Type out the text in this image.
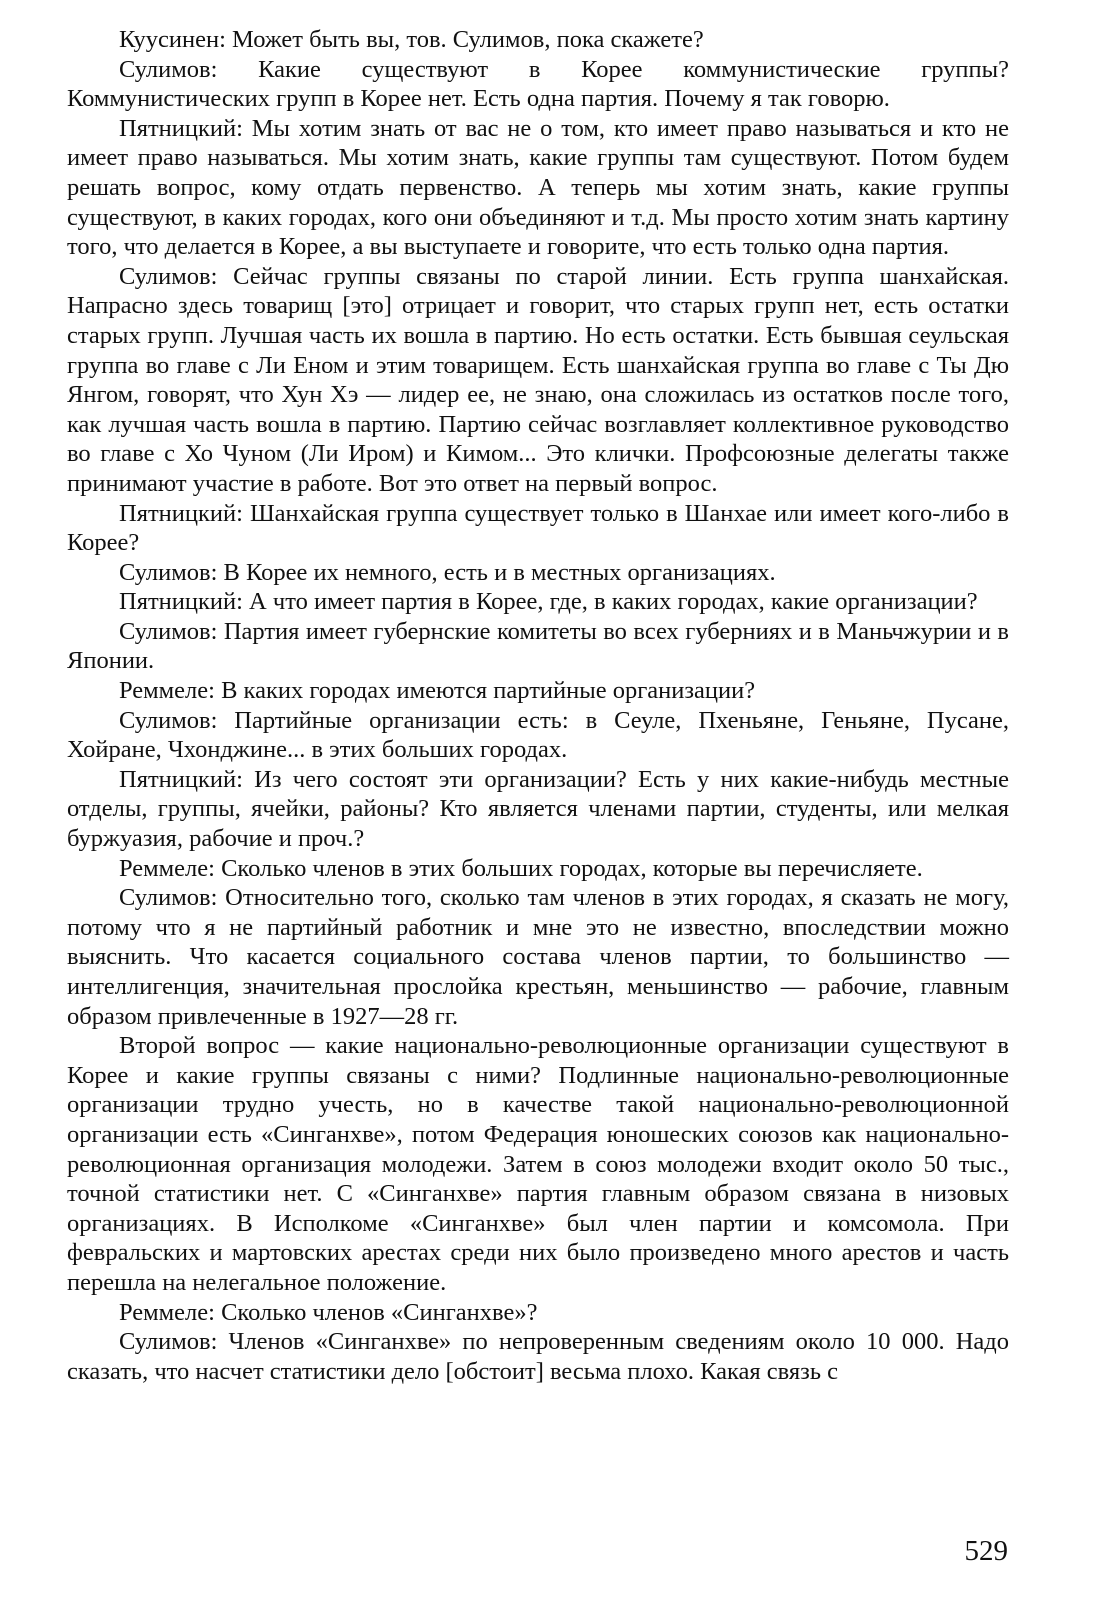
Куусинен: Может быть вы, тов. Сулимов, пока скажете?

Сулимов: Какие существуют в Корее коммунистические группы? Коммунистических групп в Корее нет. Есть одна партия. Почему я так говорю.

Пятницкий: Мы хотим знать от вас не о том, кто имеет право называться и кто не имеет право называться. Мы хотим знать, какие группы там существуют. Потом будем решать вопрос, кому отдать первенство. А теперь мы хотим знать, какие группы существуют, в каких городах, кого они объединяют и т.д. Мы просто хотим знать картину того, что делается в Корее, а вы выступаете и говорите, что есть только одна партия.

Сулимов: Сейчас группы связаны по старой линии. Есть группа шанхайская. Напрасно здесь товарищ [это] отрицает и говорит, что старых групп нет, есть остатки старых групп. Лучшая часть их вошла в партию. Но есть остатки. Есть бывшая сеульская группа во главе с Ли Еном и этим товарищем. Есть шанхайская группа во главе с Ты Дю Янгом, говорят, что Хун Хэ — лидер ее, не знаю, она сложилась из остатков после того, как лучшая часть вошла в партию. Партию сейчас возглавляет коллективное руководство во главе с Хо Чуном (Ли Иром) и Кимом... Это клички. Профсоюзные делегаты также принимают участие в работе. Вот это ответ на первый вопрос.

Пятницкий: Шанхайская группа существует только в Шанхае или имеет кого-либо в Корее?

Сулимов: В Корее их немного, есть и в местных организациях.

Пятницкий: А что имеет партия в Корее, где, в каких городах, какие организации?

Сулимов: Партия имеет губернские комитеты во всех губерниях и в Маньчжурии и в Японии.

Реммеле: В каких городах имеются партийные организации?

Сулимов: Партийные организации есть: в Сеуле, Пхеньяне, Геньяне, Пусане, Хойране, Чхонджине... в этих больших городах.

Пятницкий: Из чего состоят эти организации? Есть у них какие-нибудь местные отделы, группы, ячейки, районы? Кто является членами партии, студенты, или мелкая буржуазия, рабочие и проч.?

Реммеле: Сколько членов в этих больших городах, которые вы перечисляете.

Сулимов: Относительно того, сколько там членов в этих городах, я сказать не могу, потому что я не партийный работник и мне это не известно, впоследствии можно выяснить. Что касается социального состава членов партии, то большинство — интеллигенция, значительная прослойка крестьян, меньшинство — рабочие, главным образом привлеченные в 1927—28 гг.

Второй вопрос — какие национально-революционные организации существуют в Корее и какие группы связаны с ними? Подлинные национально-революционные организации трудно учесть, но в качестве такой национально-революционной организации есть «Синганхве», потом Федерация юношеских союзов как национально-революционная организация молодежи. Затем в союз молодежи входит около 50 тыс., точной статистики нет. С «Синганхве» партия главным образом связана в низовых организациях. В Исполкоме «Синганхве» был член партии и комсомола. При февральских и мартовских арестах среди них было произведено много арестов и часть перешла на нелегальное положение.

Реммеле: Сколько членов «Синганхве»?

Сулимов: Членов «Синганхве» по непроверенным сведениям около 10 000. Надо сказать, что насчет статистики дело [обстоит] весьма плохо. Какая связь с

529
